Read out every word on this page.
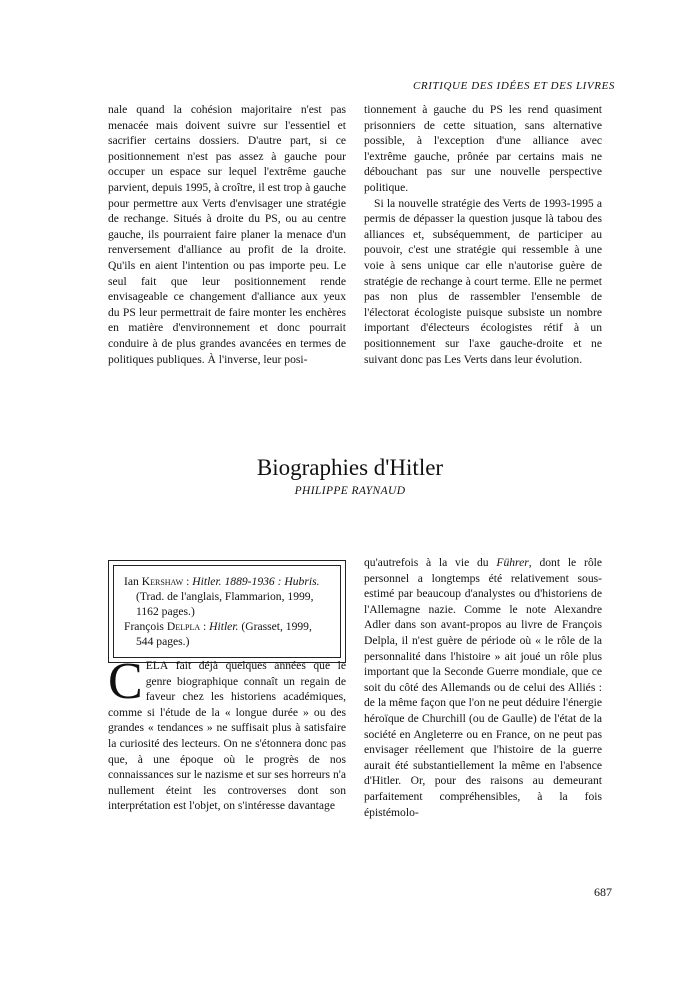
CRITIQUE DES IDÉES ET DES LIVRES

nale quand la cohésion majoritaire n'est pas menacée mais doivent suivre sur l'essentiel et sacrifier certains dossiers. D'autre part, si ce positionnement n'est pas assez à gauche pour occuper un espace sur lequel l'extrême gauche parvient, depuis 1995, à croître, il est trop à gauche pour permettre aux Verts d'envisager une stratégie de rechange. Situés à droite du PS, ou au centre gauche, ils pourraient faire planer la menace d'un renversement d'alliance au profit de la droite. Qu'ils en aient l'intention ou pas importe peu. Le seul fait que leur positionnement rende envisageable ce changement d'alliance aux yeux du PS leur permettrait de faire monter les enchères en matière d'environnement et donc pourrait conduire à de plus grandes avancées en termes de politiques publiques. À l'inverse, leur posi-

tionnement à gauche du PS les rend quasiment prisonniers de cette situation, sans alternative possible, à l'exception d'une alliance avec l'extrême gauche, prônée par certains mais ne débouchant pas sur une nouvelle perspective politique.

Si la nouvelle stratégie des Verts de 1993-1995 a permis de dépasser la question jusque là tabou des alliances et, subséquemment, de participer au pouvoir, c'est une stratégie qui ressemble à une voie à sens unique car elle n'autorise guère de stratégie de rechange à court terme. Elle ne permet pas non plus de rassembler l'ensemble de l'électorat écologiste puisque subsiste un nombre important d'électeurs écologistes rétif à un positionnement sur l'axe gauche-droite et ne suivant donc pas Les Verts dans leur évolution.

Biographies d'Hitler
PHILIPPE RAYNAUD

Ian Kershaw : Hitler. 1889-1936 : Hubris. (Trad. de l'anglais, Flammarion, 1999, 1162 pages.)

François Delpla : Hitler. (Grasset, 1999, 544 pages.)

CELA fait déjà quelques années que le genre biographique connaît un regain de faveur chez les historiens académiques, comme si l'étude de la « longue durée » ou des grandes « tendances » ne suffisait plus à satisfaire la curiosité des lecteurs. On ne s'étonnera donc pas que, à une époque où le progrès de nos connaissances sur le nazisme et sur ses horreurs n'a nullement éteint les controverses dont son interprétation est l'objet, on s'intéresse davantage

qu'autrefois à la vie du Führer, dont le rôle personnel a longtemps été relativement sous-estimé par beaucoup d'analystes ou d'historiens de l'Allemagne nazie. Comme le note Alexandre Adler dans son avant-propos au livre de François Delpla, il n'est guère de période où « le rôle de la personnalité dans l'histoire » ait joué un rôle plus important que la Seconde Guerre mondiale, que ce soit du côté des Allemands ou de celui des Alliés : de la même façon que l'on ne peut déduire l'énergie héroïque de Churchill (ou de Gaulle) de l'état de la société en Angleterre ou en France, on ne peut pas envisager réellement que l'histoire de la guerre aurait été substantiellement la même en l'absence d'Hitler. Or, pour des raisons au demeurant parfaitement compréhensibles, à la fois épistémolo-

687
